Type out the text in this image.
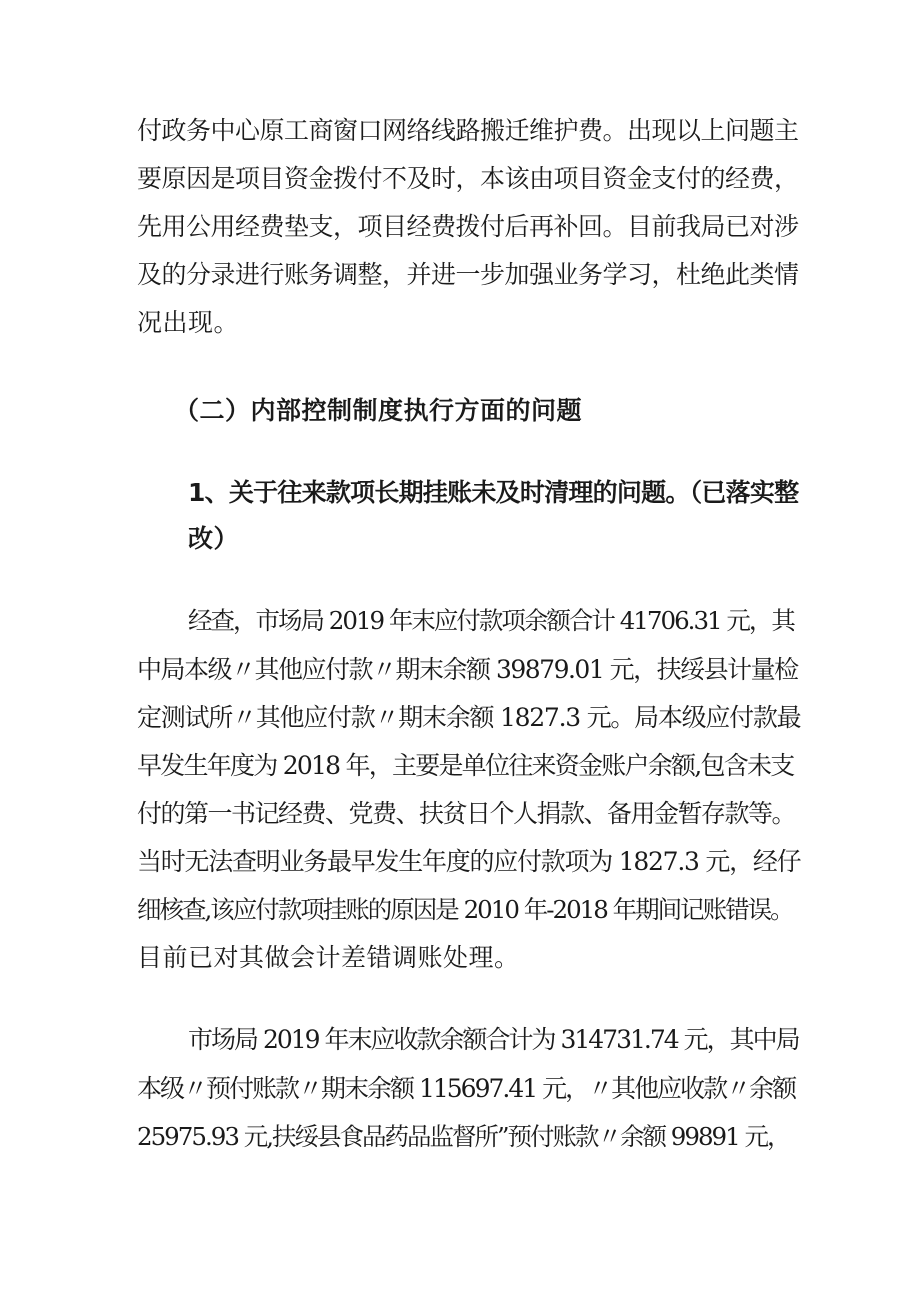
付政务中心原工商窗口网络线路搬迁维护费。出现以上问题主
要原因是项目资金拨付不及时，本该由项目资金支付的经费，
先用公用经费垫支，项目经费拨付后再补回。目前我局已对涉
及的分录进行账务调整，并进一步加强业务学习，杜绝此类情
况出现。
（二）内部控制制度执行方面的问题
1、关于往来款项长期挂账未及时清理的问题。（已落实整
改）
经查，市场局 2019 年末应付款项余额合计 41706.31 元，其
中局本级〃其他应付款〃期末余额 39879.01 元，扶绥县计量检
定测试所〃其他应付款〃期末余额 1827.3 元。局本级应付款最
早发生年度为 2018 年，主要是单位往来资金账户余额,包含未支
付的第一书记经费、党费、扶贫日个人捐款、备用金暂存款等。
当时无法查明业务最早发生年度的应付款项为 1827.3 元，经仔
细核查,该应付款项挂账的原因是 2010 年-2018 年期间记账错误。
目前已对其做会计差错调账处理。
市场局 2019 年末应收款余额合计为 314731.74 元，其中局
本级〃预付账款〃期末余额 115697.41 元，〃其他应收款〃余额
25975.93 元,扶绥县食品药品监督所”预付账款〃余额 99891 元，
